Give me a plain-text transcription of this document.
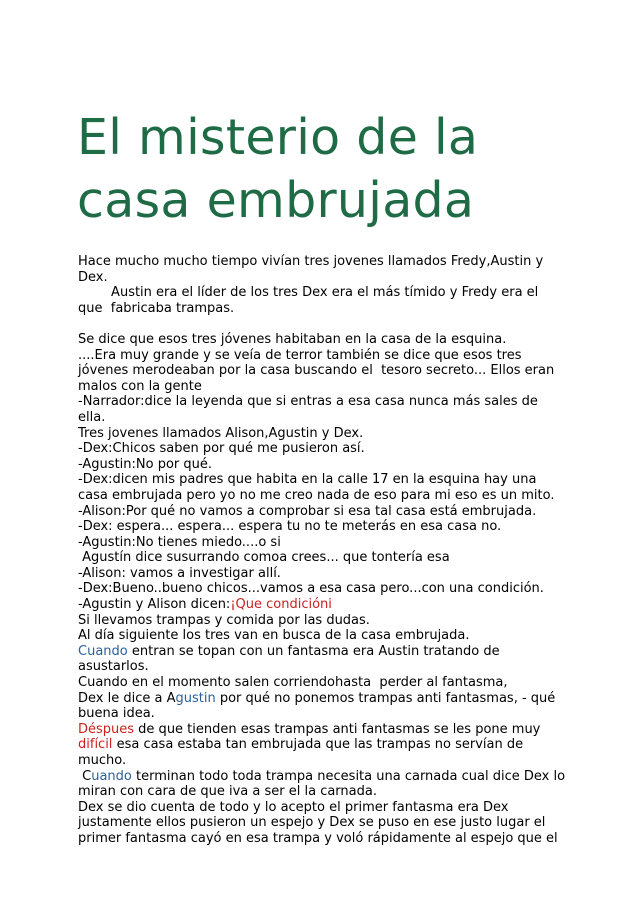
El misterio de la
casa embrujada
Hace mucho mucho tiempo vivían tres jovenes llamados Fredy,Austin y
Dex.
Austin era el líder de los tres Dex era el más tímido y Fredy era el
que  fabricaba trampas.
Se dice que esos tres jóvenes habitaban en la casa de la esquina.
....Era muy grande y se veía de terror también se dice que esos tres
jóvenes merodeaban por la casa buscando el  tesoro secreto... Ellos eran
malos con la gente
-Narrador:dice la leyenda que si entras a esa casa nunca más sales de
ella.
Tres jovenes llamados Alison,Agustin y Dex.
-Dex:Chicos saben por qué me pusieron así.
-Agustin:No por qué.
-Dex:dicen mis padres que habita en la calle 17 en la esquina hay una
casa embrujada pero yo no me creo nada de eso para mi eso es un mito.
-Alison:Por qué no vamos a comprobar si esa tal casa está embrujada.
-Dex: espera... espera... espera tu no te meterás en esa casa no.
-Agustin:No tienes miedo....o si
Agustín dice susurrando comoa crees... que tontería esa
-Alison: vamos a investigar allí.
-Dex:Bueno..bueno chicos...vamos a esa casa pero...con una condición.
-Agustin y Alison dicen:¡Que condicióni
Si llevamos trampas y comida por las dudas.
Al día siguiente los tres van en busca de la casa embrujada.
Cuando entran se topan con un fantasma era Austin tratando de
asustarlos.
Cuando en el momento salen corriendohasta  perder al fantasma,
Dex le dice a Agustin por qué no ponemos trampas anti fantasmas, - qué
buena idea.
Déspues de que tienden esas trampas anti fantasmas se les pone muy
difícil esa casa estaba tan embrujada que las trampas no servían de
mucho.
Cuando terminan todo toda trampa necesita una carnada cual dice Dex lo
miran con cara de que iva a ser el la carnada.
Dex se dio cuenta de todo y lo acepto el primer fantasma era Dex
justamente ellos pusieron un espejo y Dex se puso en ese justo lugar el
primer fantasma cayó en esa trampa y voló rápidamente al espejo que el
